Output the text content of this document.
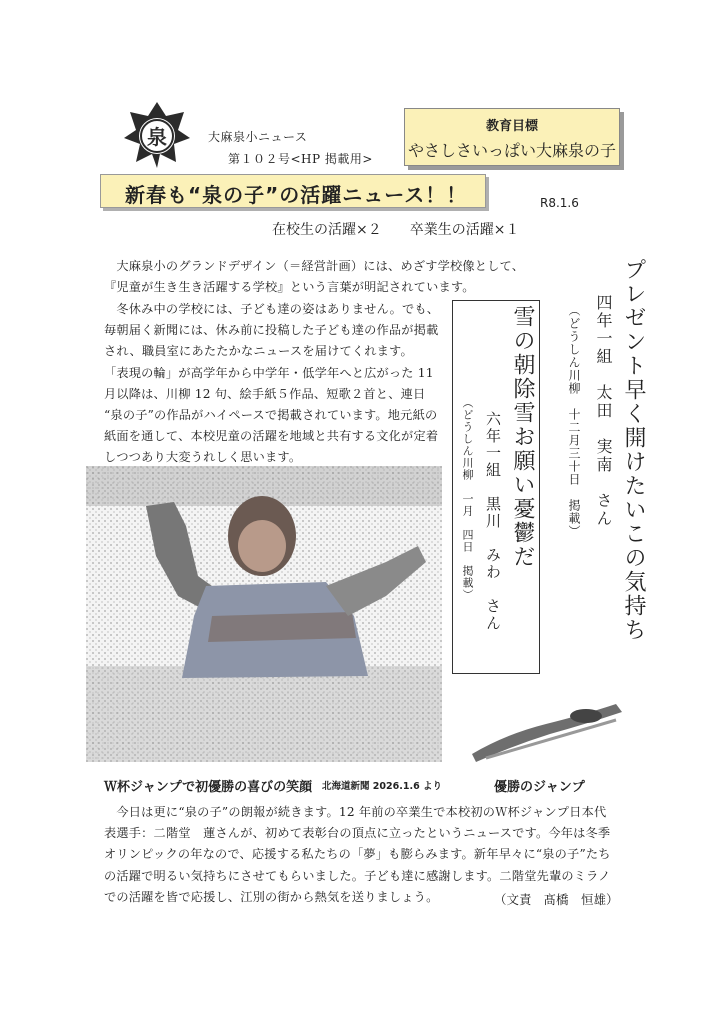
泉	大麻泉小ニュース
第１０２号<HP 掲載用>
教育目標
やさしさいっぱい大麻泉の子
新春も“泉の子”の活躍ニュース！！	R8.1.6
在校生の活躍×２ 卒業生の活躍×１

　大麻泉小のグランドデザイン（＝経営計画）には、めざす学校像として、

『児童が生き生き活躍する学校』という言葉が明記されています。

　冬休み中の学校には、子ども達の姿はありません。でも、

毎朝届く新聞には、休み前に投稿した子ども達の作品が掲載

され、職員室にあたたかなニュースを届けてくれます。

「表現の輪」が高学年から中学年・低学年へと広がった 11

月以降は、川柳 12 句、絵手紙５作品、短歌２首と、連日

“泉の子”の作品がハイペースで掲載されています。地元紙の

紙面を通して、本校児童の活躍を地域と共有する文化が定着

しつつあり大変うれしく思います。	プレゼント早く開けたいこの気持ち
四年一組　太田　実南　さん
（どうしん川柳　十二月三十日　掲載）
雪の朝除雪お願い憂鬱だ
六年一組　黒川　みわ　さん
（どうしん川柳　一月　四日　掲載）
Ｗ杯ジャンプで初優勝の喜びの笑顔 北海道新聞 2026.1.6 より	優勝のジャンプ

　今日は更に“泉の子”の朗報が続きます。12 年前の卒業生で本校初のＷ杯ジャンプ日本代

表選手：二階堂　蓮さんが、初めて表彰台の頂点に立ったというニュースです。今年は冬季

オリンピックの年なので、応援する私たちの「夢」も膨らみます。新年早々に“泉の子”たち

の活躍で明るい気持ちにさせてもらいました。子ども達に感謝します。二階堂先輩のミラノ

での活躍を皆で応援し、江別の街から熱気を送りましょう。	（文責 髙橋　恒雄）
